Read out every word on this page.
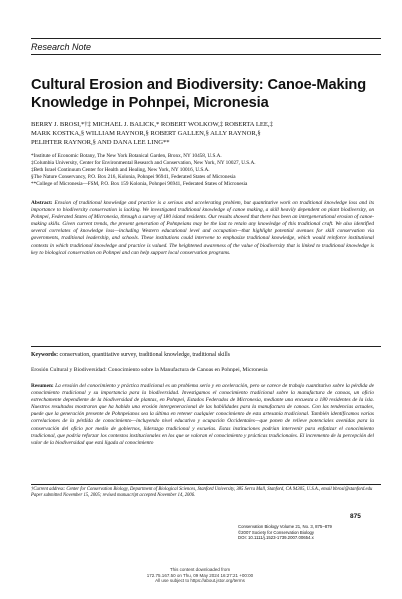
Research Note
Cultural Erosion and Biodiversity: Canoe-Making Knowledge in Pohnpei, Micronesia
BERRY J. BROSI,*†‡ MICHAEL J. BALICK,* ROBERT WOLKOW,‡ ROBERTA LEE,‡
MARK KOSTKA,§ WILLIAM RAYNOR,§ ROBERT GALLEN,§ ALLY RAYNOR,§
PELIHTER RAYNOR,§ AND DANA LEE LING**
*Institute of Economic Botany, The New York Botanical Garden, Bronx, NY 10458, U.S.A.
‡Columbia University, Center for Environmental Research and Conservation, New York, NY 10027, U.S.A.
‡Beth Israel Continuum Center for Health and Healing, New York, NY 10016, U.S.A.
§The Nature Conservancy, P.O. Box 216, Kolonia, Pohnpei 96941, Federated States of Micronesia
**College of Micronesia—FSM, P.O. Box 159 Kolonia, Pohnpei 96941, Federated States of Micronesia
Abstract: Erosion of traditional knowledge and practice is a serious and accelerating problem, but quantitative work on traditional knowledge loss and its importance to biodiversity conservation is lacking. We investigated traditional knowledge of canoe making, a skill heavily dependent on plant biodiversity, on Pohnpei, Federated States of Micronesia, through a survey of 180 island residents. Our results showed that there has been an intergenerational erosion of canoe-making skills. Given current trends, the present generation of Pohnpeians may be the last to retain any knowledge of this traditional craft. We also identified several correlates of knowledge loss—including Western educational level and occupation—that highlight potential avenues for skill conservation via governments, traditional leadership, and schools. These institutions could intervene to emphasize traditional knowledge, which would reinforce institutional contexts in which traditional knowledge and practice is valued. The heightened awareness of the value of biodiversity that is linked to traditional knowledge is key to biological conservation on Pohnpei and can help support local conservation programs.
Keywords: conservation, quantitative survey, traditional knowledge, traditional skills
Erosión Cultural y Biodiversidad: Conocimiento sobre la Manufactura de Canoas en Pohnpei, Micronesia
Resumen: La erosión del conocimiento y práctica tradicional es un problema serio y en aceleración, pero se carece de trabajo cuantitativo sobre la pérdida de conocimiento tradicional y su importancia para la biodiversidad. Investigamos el conocimiento tradicional sobre la manufactura de canoas, un oficio estrechamente dependiente de la biodiversidad de plantas, en Pohnpei, Estados Federados de Micronesia, mediante una encuesta a 180 residentes de la isla. Nuestros resultados mostraron que ha habido una erosión intergeneracional de las habilidades para la manufactura de canoas. Con las tendencias actuales, puede que la generación presente de Pohnpeianos sea la última en retener cualquier conocimiento de esta artesanía tradicional. También identificamos varias correlaciones de la pérdida de conocimiento—incluyendo nivel educativo y ocupación Occidentales—que ponen de relieve potenciales avenidas para la conservación del oficio por medio de gobiernos, liderazgo tradicional y escuelas. Estas instituciones podrían intervenir para enfatizar el conocimiento tradicional, que podría reforzar los contextos institucionales en los que se valoran el conocimiento y prácticas tradicionales. El incremento de la percepción del valor de la biodiversidad que está ligada al conocimiento
†Current address: Center for Conservation Biology, Department of Biological Sciences, Stanford University, 385 Serra Mall, Stanford, CA 94305, U.S.A., email bbrosi@stanford.edu
Paper submitted November 15, 2005; revised manuscript accepted November 14, 2006.
875
Conservation Biology Volume 21, No. 3, 875–879
©2007 Society for Conservation Biology
DOI: 10.1111/j.1523-1739.2007.00654.x
This content downloaded from
172.75.167.50 on Thu, 09 May 2024 16:27:21 +00:00
All use subject to https://about.jstor.org/terms
